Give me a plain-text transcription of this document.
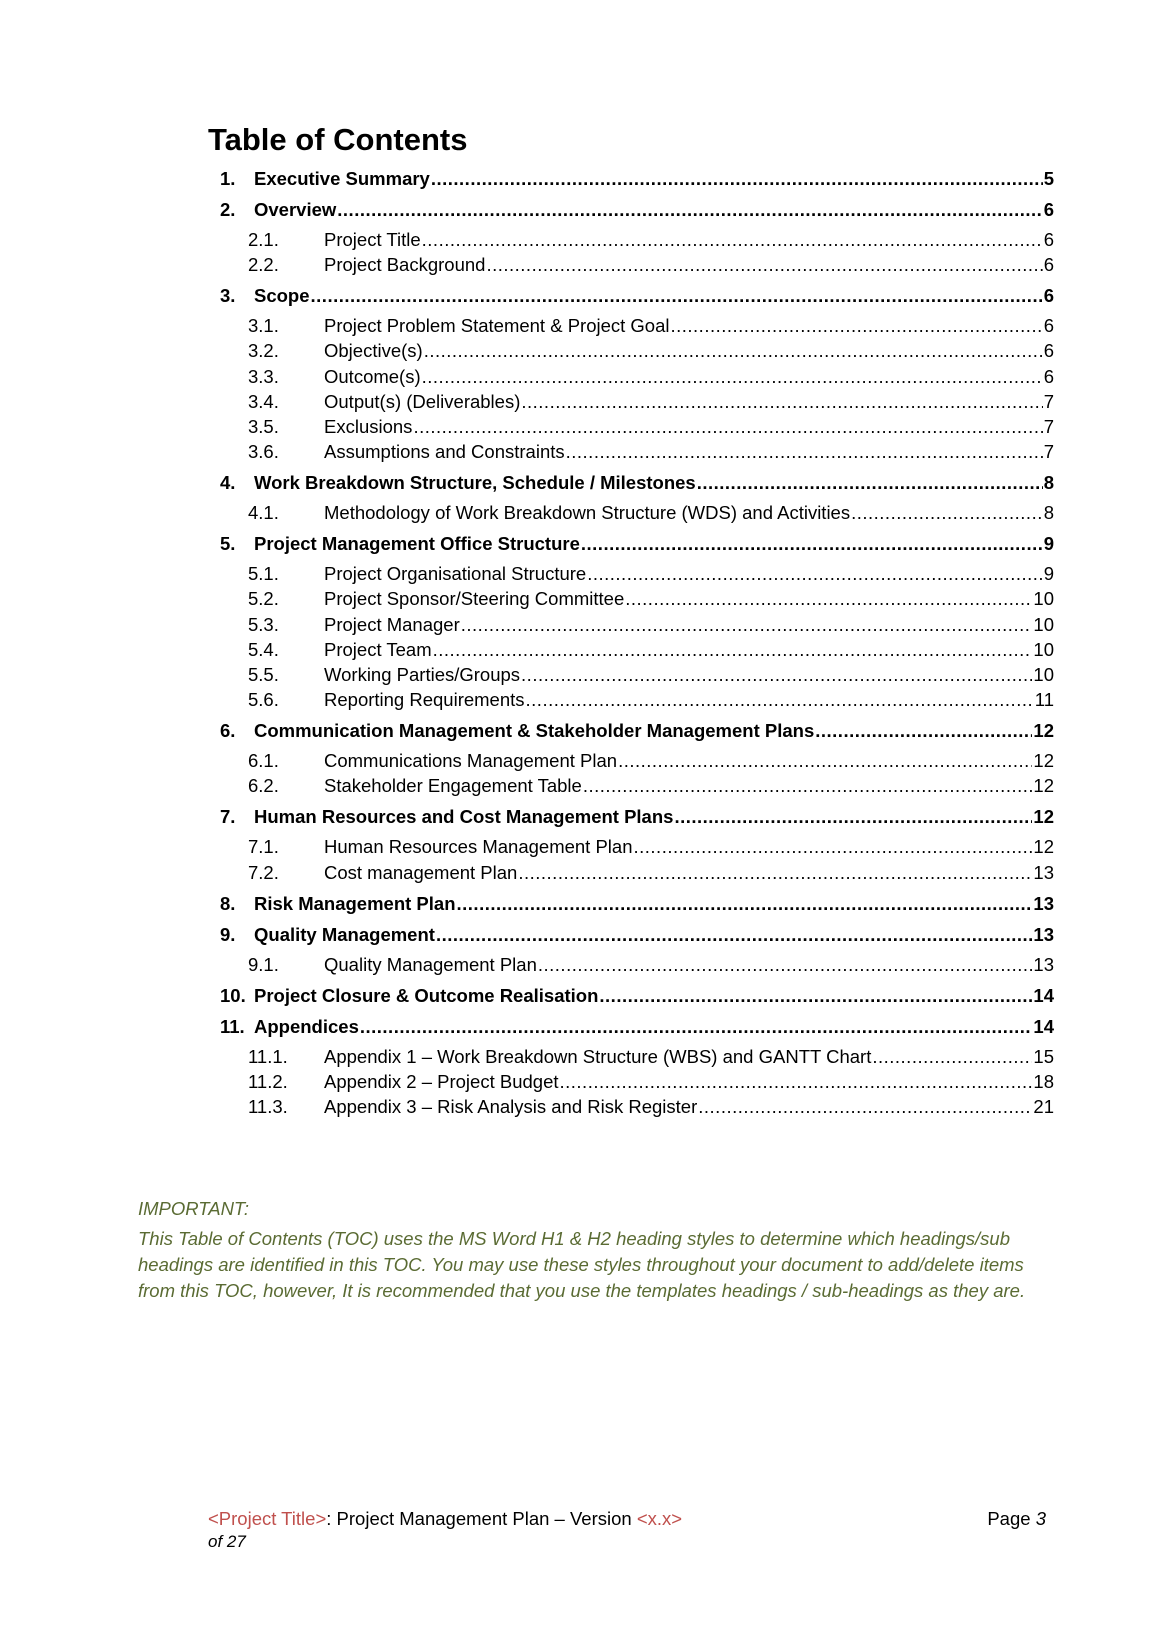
Table of Contents
1.	Executive Summary .....	5
2.	Overview .....	6
2.1.	Project Title .....	6
2.2.	Project Background .....	6
3.	Scope .....	6
3.1.	Project Problem Statement & Project Goal .....	6
3.2.	Objective(s) .....	6
3.3.	Outcome(s) .....	6
3.4.	Output(s) (Deliverables) .....	7
3.5.	Exclusions .....	7
3.6.	Assumptions and Constraints .....	7
4.	Work Breakdown Structure, Schedule / Milestones .....	8
4.1.	Methodology of Work Breakdown Structure (WDS) and Activities .....	8
5.	Project Management Office Structure .....	9
5.1.	Project Organisational Structure .....	9
5.2.	Project Sponsor/Steering Committee .....	10
5.3.	Project Manager .....	10
5.4.	Project Team .....	10
5.5.	Working Parties/Groups .....	10
5.6.	Reporting Requirements .....	11
6.	Communication Management & Stakeholder Management Plans .....	12
6.1.	Communications Management Plan .....	12
6.2.	Stakeholder Engagement Table .....	12
7.	Human Resources and Cost Management Plans .....	12
7.1.	Human Resources Management Plan .....	12
7.2.	Cost management Plan .....	13
8.	Risk Management Plan .....	13
9.	Quality Management .....	13
9.1.	Quality Management Plan .....	13
10. Project Closure & Outcome Realisation .....	14
11. Appendices .....	14
11.1.	Appendix 1 – Work Breakdown Structure (WBS) and GANTT Chart .....	15
11.2.	Appendix 2 – Project Budget .....	18
11.3.	Appendix 3 – Risk Analysis and Risk Register .....	21

IMPORTANT:

This Table of Contents (TOC) uses the MS Word H1 & H2 heading styles to determine which headings/sub headings are identified in this TOC. You may use these styles throughout your document to add/delete items from this TOC, however, It is recommended that you use the templates headings / sub-headings as they are.

<Project Title>: Project Management Plan – Version <x.x>	Page 3
of 27
